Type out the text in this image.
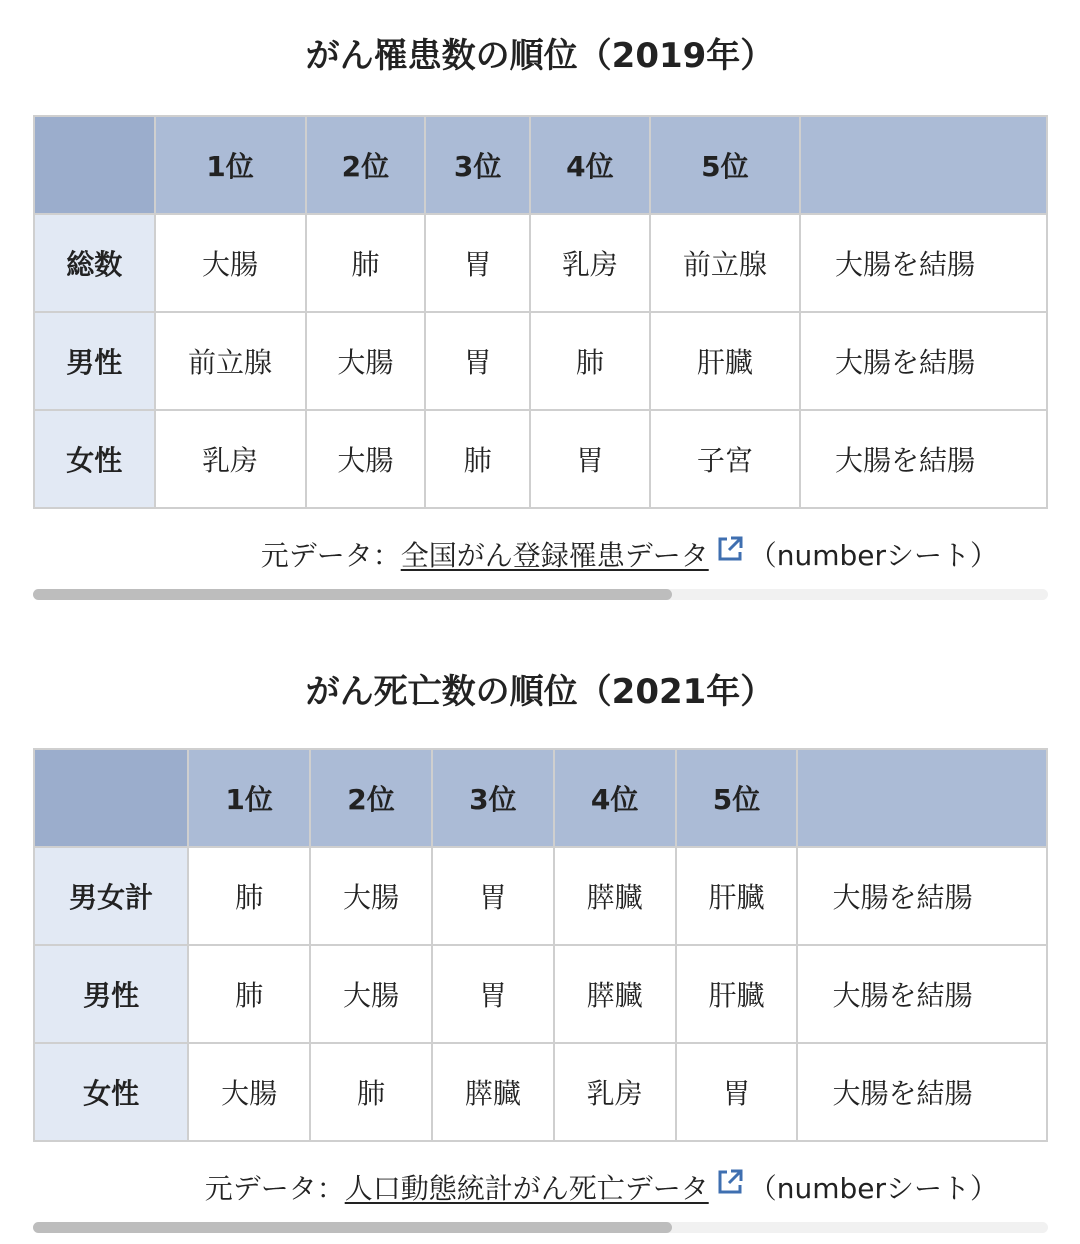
がん罹患数の順位（2019年）
	1位	2位	3位	4位	5位	
総数	大腸	肺	胃	乳房	前立腺	大腸を結腸
男性	前立腺	大腸	胃	肺	肝臓	大腸を結腸
女性	乳房	大腸	肺	胃	子宮	大腸を結腸
元データ：全国がん登録罹患データ （numberシート）
がん死亡数の順位（2021年）
	1位	2位	3位	4位	5位	
男女計	肺	大腸	胃	膵臓	肝臓	大腸を結腸
男性	肺	大腸	胃	膵臓	肝臓	大腸を結腸
女性	大腸	肺	膵臓	乳房	胃	大腸を結腸
元データ：人口動態統計がん死亡データ （numberシート）
